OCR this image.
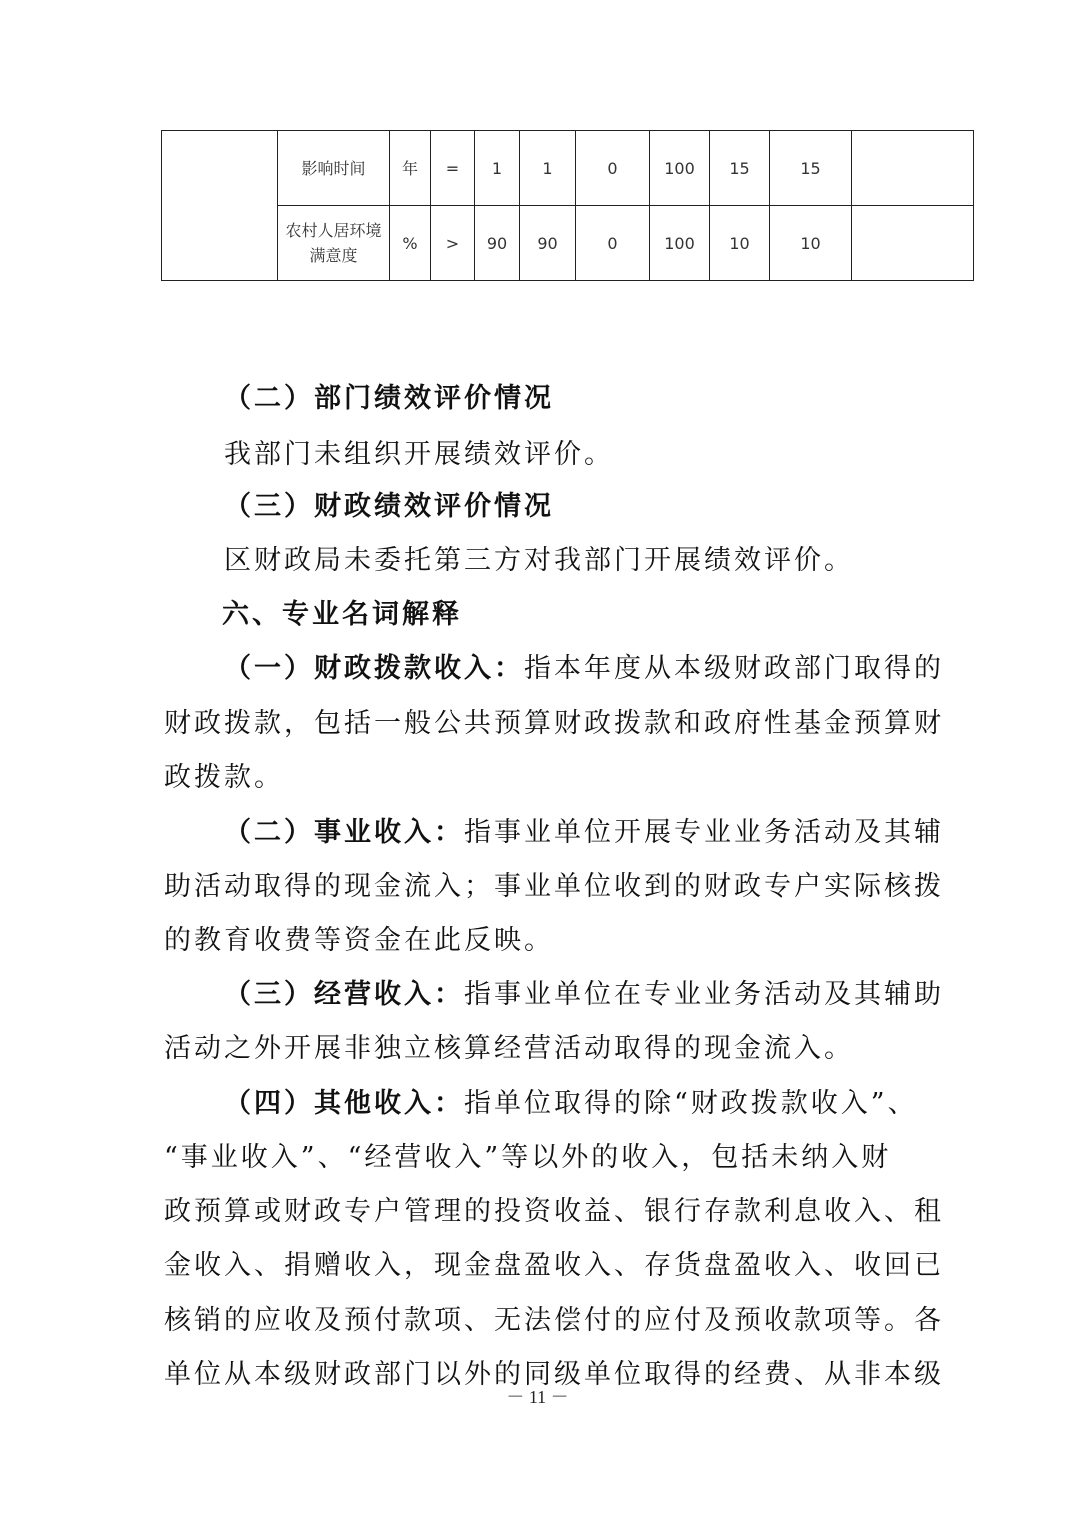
	影响时间	年	=	1	1	0	100	15	15	
	农村人居环境满意度	%	>	90	90	0	100	10	10	
（二）部门绩效评价情况
我部门未组织开展绩效评价。
（三）财政绩效评价情况
区财政局未委托第三方对我部门开展绩效评价。
六、专业名词解释
（一）财政拨款收入：指本年度从本级财政部门取得的
财政拨款，包括一般公共预算财政拨款和政府性基金预算财
政拨款。
（二）事业收入：指事业单位开展专业业务活动及其辅
助活动取得的现金流入；事业单位收到的财政专户实际核拨
的教育收费等资金在此反映。
（三）经营收入：指事业单位在专业业务活动及其辅助
活动之外开展非独立核算经营活动取得的现金流入。
（四）其他收入：指单位取得的除“财政拨款收入”、
“事业收入”、“经营收入”等以外的收入，包括未纳入财
政预算或财政专户管理的投资收益、银行存款利息收入、租
金收入、捐赠收入，现金盘盈收入、存货盘盈收入、收回已
核销的应收及预付款项、无法偿付的应付及预收款项等。各
单位从本级财政部门以外的同级单位取得的经费、从非本级
－ 11 －
